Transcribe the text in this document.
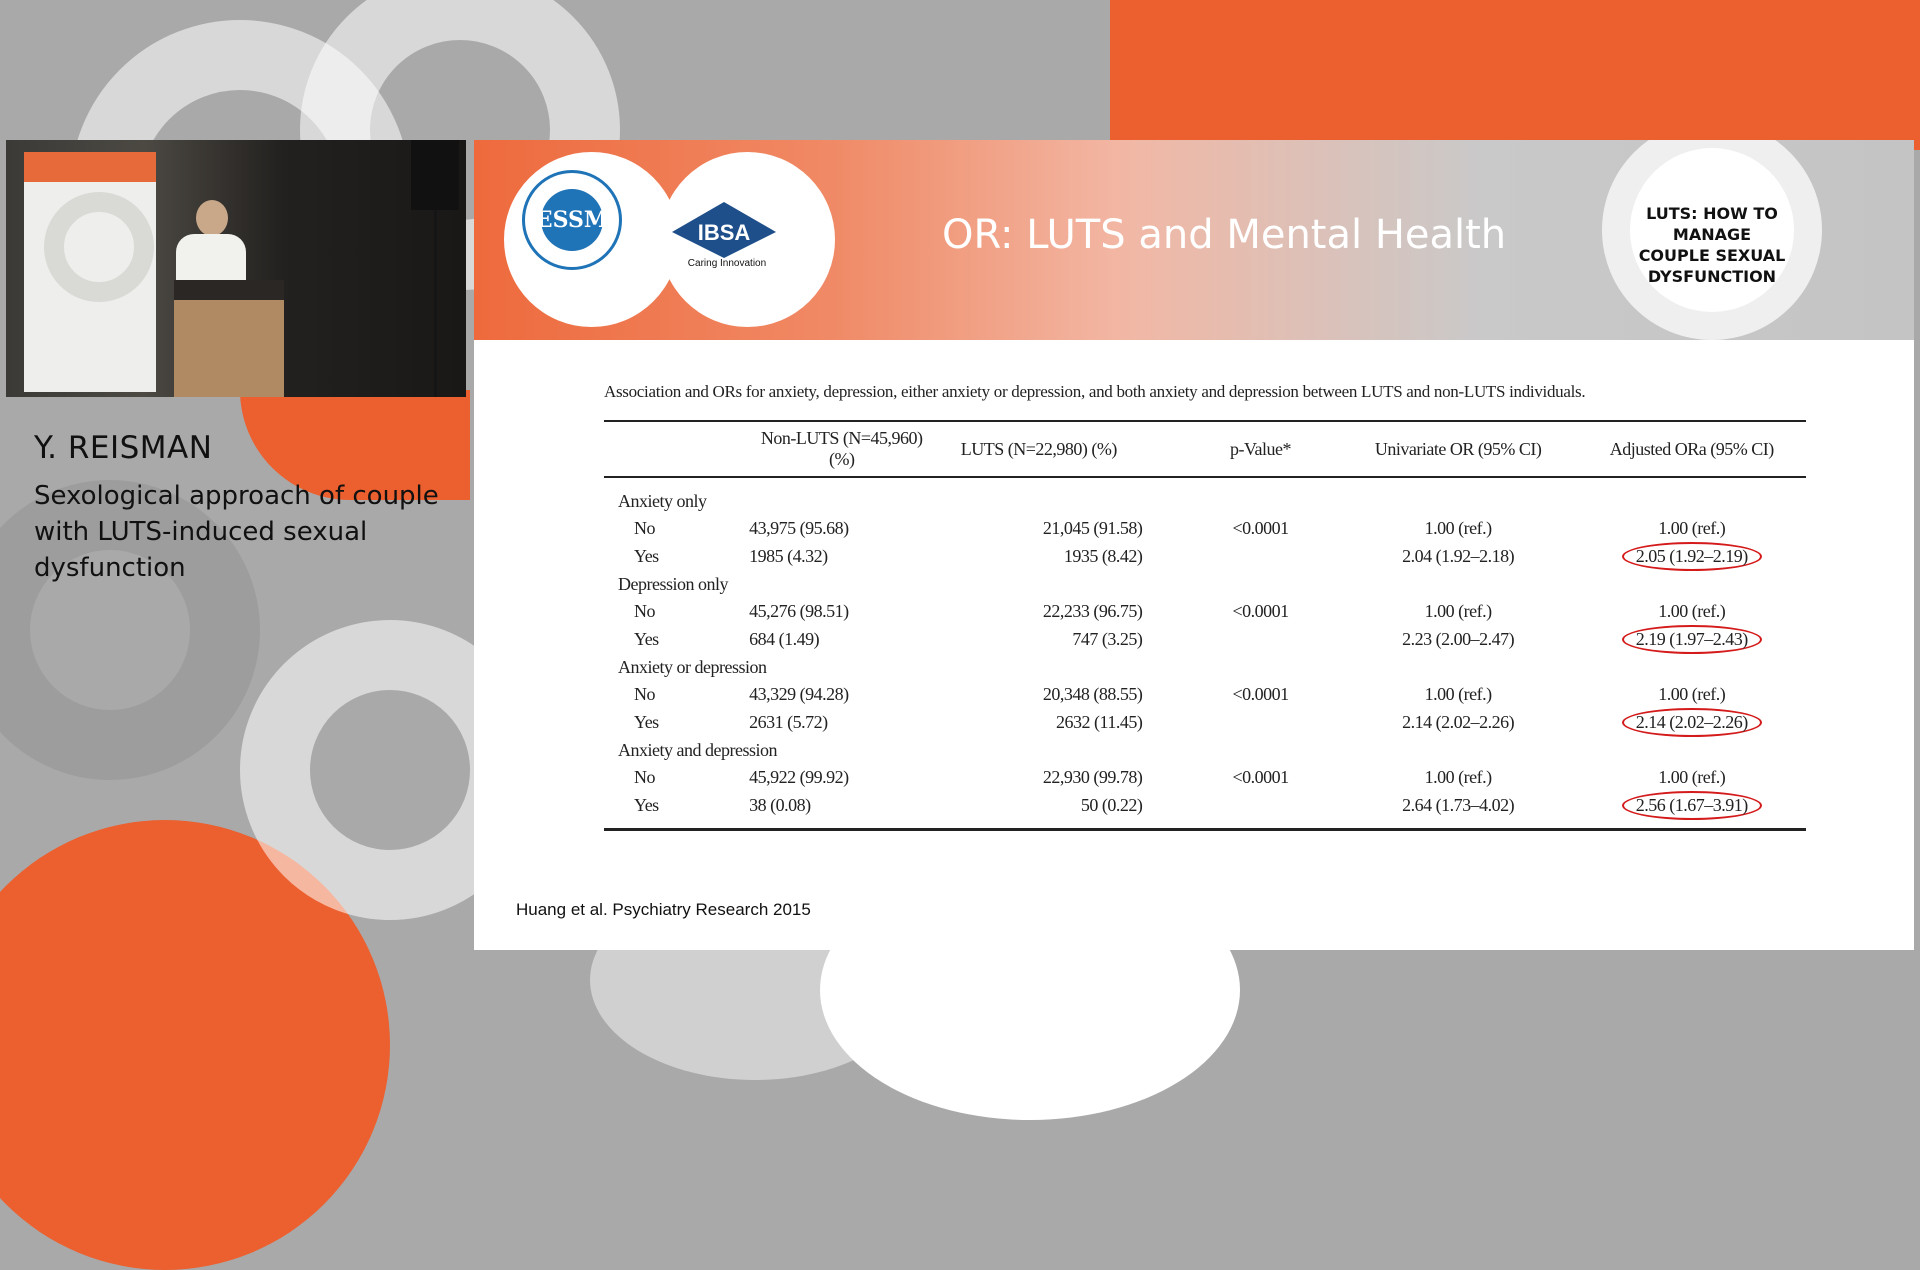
Y. REISMAN
Sexological approach of couple with LUTS-induced sexual dysfunction
ESSM	IBSA
Caring Innovation
OR: LUTS and Mental Health	LUTS: HOW TO MANAGE COUPLE SEXUAL DYSFUNCTION
Association and ORs for anxiety, depression, either anxiety or depression, and both anxiety and depression between LUTS and non-LUTS individuals.
	Non-LUTS (N=45,960) (%)	LUTS (N=22,980) (%)	p-Value*	Univariate OR (95% CI)	Adjusted ORa (95% CI)
Anxiety only					
No	43,975 (95.68)	21,045 (91.58)	<0.0001	1.00 (ref.)	1.00 (ref.)
Yes	1985 (4.32)	1935 (8.42)		2.04 (1.92–2.18)	2.05 (1.92–2.19)
Depression only					
No	45,276 (98.51)	22,233 (96.75)	<0.0001	1.00 (ref.)	1.00 (ref.)
Yes	684 (1.49)	747 (3.25)		2.23 (2.00–2.47)	2.19 (1.97–2.43)
Anxiety or depression					
No	43,329 (94.28)	20,348 (88.55)	<0.0001	1.00 (ref.)	1.00 (ref.)
Yes	2631 (5.72)	2632 (11.45)		2.14 (2.02–2.26)	2.14 (2.02–2.26)
Anxiety and depression					
No	45,922 (99.92)	22,930 (99.78)	<0.0001	1.00 (ref.)	1.00 (ref.)
Yes	38 (0.08)	50 (0.22)		2.64 (1.73–4.02)	2.56 (1.67–3.91)
Huang et al. Psychiatry Research 2015
